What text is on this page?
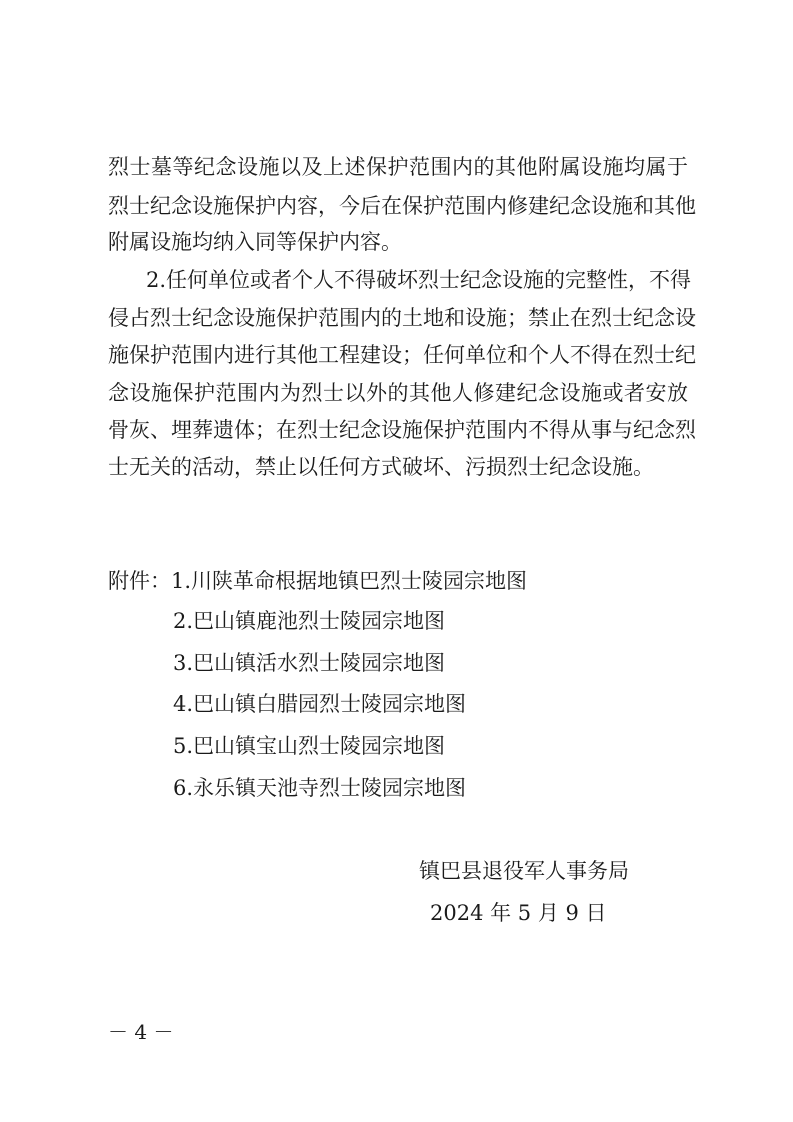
烈士墓等纪念设施以及上述保护范围内的其他附属设施均属于
烈士纪念设施保护内容，今后在保护范围内修建纪念设施和其他
附属设施均纳入同等保护内容。
2.任何单位或者个人不得破坏烈士纪念设施的完整性，不得
侵占烈士纪念设施保护范围内的土地和设施；禁止在烈士纪念设
施保护范围内进行其他工程建设；任何单位和个人不得在烈士纪
念设施保护范围内为烈士以外的其他人修建纪念设施或者安放
骨灰、埋葬遗体；在烈士纪念设施保护范围内不得从事与纪念烈
士无关的活动，禁止以任何方式破坏、污损烈士纪念设施。
附件：1.川陕革命根据地镇巴烈士陵园宗地图
2.巴山镇鹿池烈士陵园宗地图
3.巴山镇活水烈士陵园宗地图
4.巴山镇白腊园烈士陵园宗地图
5.巴山镇宝山烈士陵园宗地图
6.永乐镇天池寺烈士陵园宗地图
镇巴县退役军人事务局
2024 年 5 月 9 日
－ 4 －
